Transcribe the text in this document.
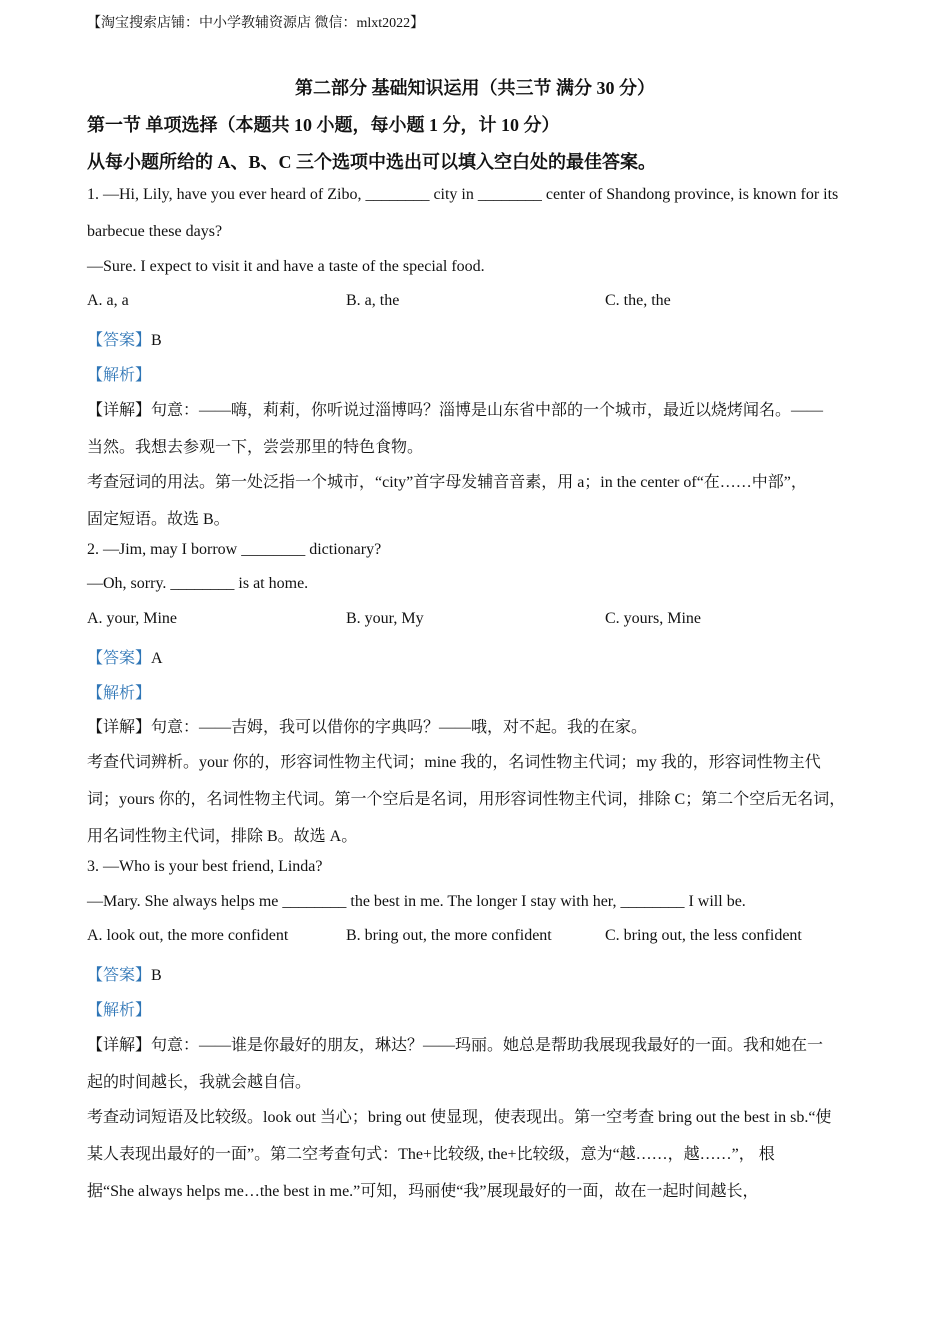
【淘宝搜索店铺：中小学教辅资源店 微信：mlxt2022】
第二部分 基础知识运用（共三节 满分 30 分）
第一节 单项选择（本题共 10 小题，每小题 1 分，计 10 分）
从每小题所给的 A、B、C 三个选项中选出可以填入空白处的最佳答案。
1. —Hi, Lily, have you ever heard of Zibo, ________ city in ________ center of Shandong province, is known for its
barbecue these days?
—Sure. I expect to visit it and have a taste of the special food.
A. a, a	B. a, the	C. the, the
【答案】B
【解析】
【详解】句意：——嗨，莉莉，你听说过淄博吗？淄博是山东省中部的一个城市，最近以烧烤闻名。——
当然。我想去参观一下，尝尝那里的特色食物。
考查冠词的用法。第一处泛指一个城市，“city”首字母发辅音音素，用 a；in the center of“在……中部”，
固定短语。故选 B。
2. —Jim, may I borrow ________ dictionary?
—Oh, sorry. ________ is at home.
A. your, Mine	B. your, My	C. yours, Mine
【答案】A
【解析】
【详解】句意：——吉姆，我可以借你的字典吗？——哦，对不起。我的在家。
考查代词辨析。your 你的，形容词性物主代词；mine 我的，名词性物主代词；my 我的，形容词性物主代
词；yours 你的，名词性物主代词。第一个空后是名词，用形容词性物主代词，排除 C；第二个空后无名词，
用名词性物主代词，排除 B。故选 A。
3. —Who is your best friend, Linda?
—Mary. She always helps me ________ the best in me. The longer I stay with her, ________ I will be.
A. look out, the more confident	B. bring out, the more confident	C. bring out, the less confident
【答案】B
【解析】
【详解】句意：——谁是你最好的朋友，琳达？——玛丽。她总是帮助我展现我最好的一面。我和她在一
起的时间越长，我就会越自信。
考查动词短语及比较级。look out 当心；bring out 使显现，使表现出。第一空考查 bring out the best in sb.“使
某人表现出最好的一面”。第二空考查句式：The+比较级, the+比较级，意为“越……，越……”， 根
据“She always helps me…the best in me.”可知，玛丽使“我”展现最好的一面，故在一起时间越长，
